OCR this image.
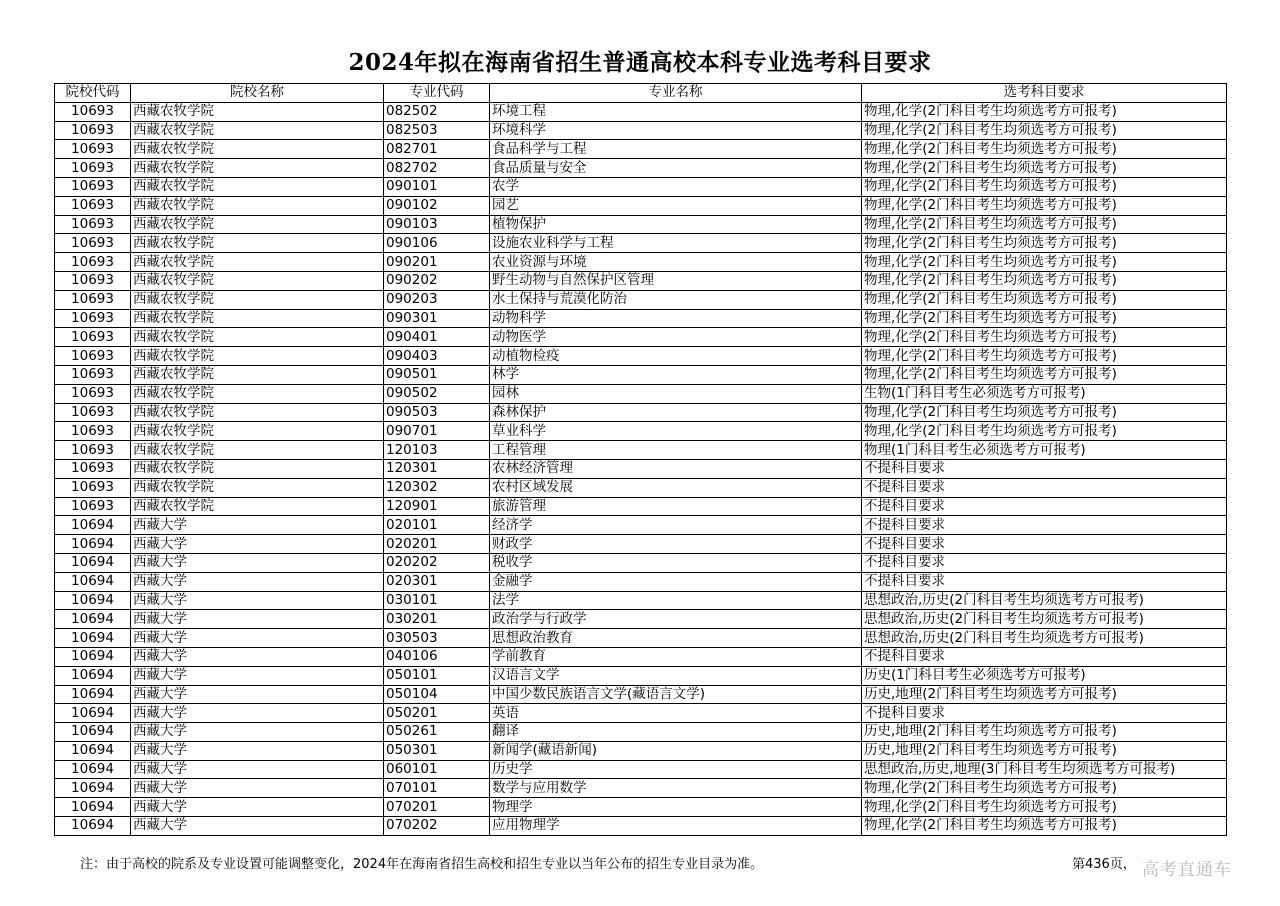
2024年拟在海南省招生普通高校本科专业选考科目要求
院校代码	院校名称	专业代码	专业名称	选考科目要求
10693	西藏农牧学院	082502	环境工程	物理,化学(2门科目考生均须选考方可报考)
10693	西藏农牧学院	082503	环境科学	物理,化学(2门科目考生均须选考方可报考)
10693	西藏农牧学院	082701	食品科学与工程	物理,化学(2门科目考生均须选考方可报考)
10693	西藏农牧学院	082702	食品质量与安全	物理,化学(2门科目考生均须选考方可报考)
10693	西藏农牧学院	090101	农学	物理,化学(2门科目考生均须选考方可报考)
10693	西藏农牧学院	090102	园艺	物理,化学(2门科目考生均须选考方可报考)
10693	西藏农牧学院	090103	植物保护	物理,化学(2门科目考生均须选考方可报考)
10693	西藏农牧学院	090106	设施农业科学与工程	物理,化学(2门科目考生均须选考方可报考)
10693	西藏农牧学院	090201	农业资源与环境	物理,化学(2门科目考生均须选考方可报考)
10693	西藏农牧学院	090202	野生动物与自然保护区管理	物理,化学(2门科目考生均须选考方可报考)
10693	西藏农牧学院	090203	水土保持与荒漠化防治	物理,化学(2门科目考生均须选考方可报考)
10693	西藏农牧学院	090301	动物科学	物理,化学(2门科目考生均须选考方可报考)
10693	西藏农牧学院	090401	动物医学	物理,化学(2门科目考生均须选考方可报考)
10693	西藏农牧学院	090403	动植物检疫	物理,化学(2门科目考生均须选考方可报考)
10693	西藏农牧学院	090501	林学	物理,化学(2门科目考生均须选考方可报考)
10693	西藏农牧学院	090502	园林	生物(1门科目考生必须选考方可报考)
10693	西藏农牧学院	090503	森林保护	物理,化学(2门科目考生均须选考方可报考)
10693	西藏农牧学院	090701	草业科学	物理,化学(2门科目考生均须选考方可报考)
10693	西藏农牧学院	120103	工程管理	物理(1门科目考生必须选考方可报考)
10693	西藏农牧学院	120301	农林经济管理	不提科目要求
10693	西藏农牧学院	120302	农村区域发展	不提科目要求
10693	西藏农牧学院	120901	旅游管理	不提科目要求
10694	西藏大学	020101	经济学	不提科目要求
10694	西藏大学	020201	财政学	不提科目要求
10694	西藏大学	020202	税收学	不提科目要求
10694	西藏大学	020301	金融学	不提科目要求
10694	西藏大学	030101	法学	思想政治,历史(2门科目考生均须选考方可报考)
10694	西藏大学	030201	政治学与行政学	思想政治,历史(2门科目考生均须选考方可报考)
10694	西藏大学	030503	思想政治教育	思想政治,历史(2门科目考生均须选考方可报考)
10694	西藏大学	040106	学前教育	不提科目要求
10694	西藏大学	050101	汉语言文学	历史(1门科目考生必须选考方可报考)
10694	西藏大学	050104	中国少数民族语言文学(藏语言文学)	历史,地理(2门科目考生均须选考方可报考)
10694	西藏大学	050201	英语	不提科目要求
10694	西藏大学	050261	翻译	历史,地理(2门科目考生均须选考方可报考)
10694	西藏大学	050301	新闻学(藏语新闻)	历史,地理(2门科目考生均须选考方可报考)
10694	西藏大学	060101	历史学	思想政治,历史,地理(3门科目考生均须选考方可报考)
10694	西藏大学	070101	数学与应用数学	物理,化学(2门科目考生均须选考方可报考)
10694	西藏大学	070201	物理学	物理,化学(2门科目考生均须选考方可报考)
10694	西藏大学	070202	应用物理学	物理,化学(2门科目考生均须选考方可报考)
注：由于高校的院系及专业设置可能调整变化，2024年在海南省招生高校和招生专业以当年公布的招生专业目录为准。	第436页， 高考直通车
